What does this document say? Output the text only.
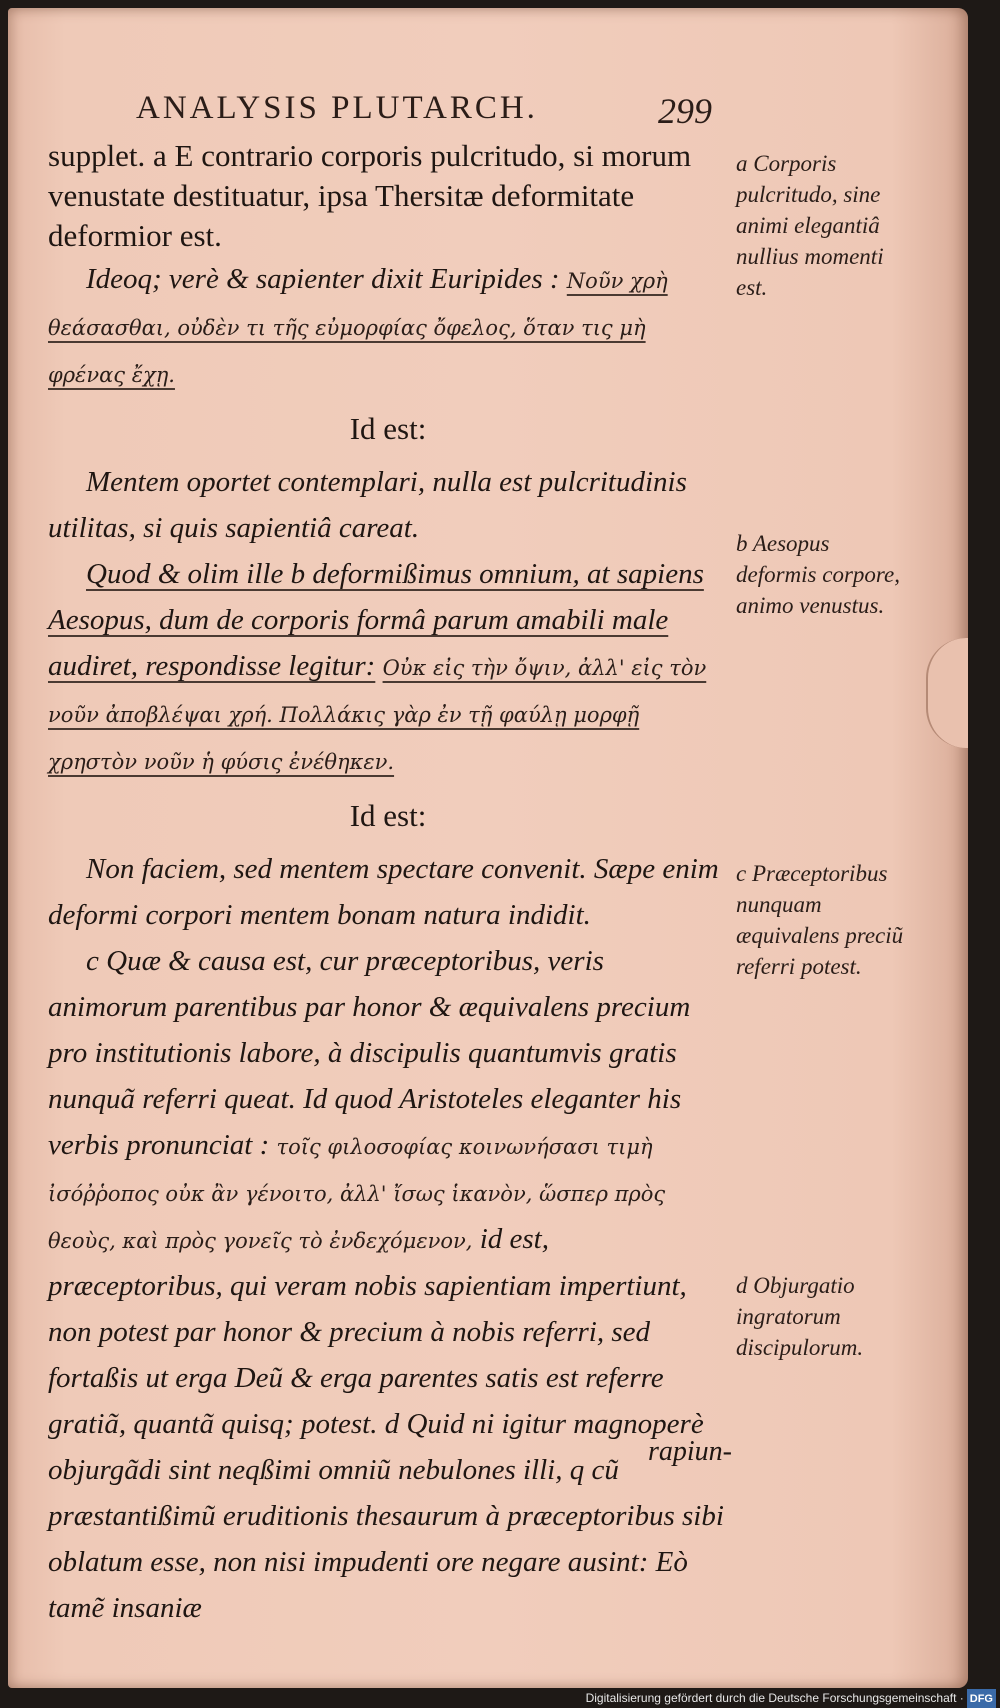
ANALYSIS PLUTARCH.	299

supplet. a E contrario corporis pulcritudo, si morum venustate destituatur, ipsa Thersitæ deformitate deformior est.

Ideoq; verè & sapienter dixit Euripides : Νοῦν χρὴ θεάσασθαι, οὐδὲν τι τῆς εὐμορφίας ὄφελος, ὅταν τις μὴ φρένας ἔχῃ.

Id est:

Mentem oportet contemplari, nulla est pulcritudinis utilitas, si quis sapientiâ careat.

Quod & olim ille b deformißimus omnium, at sapiens Aesopus, dum de corporis formâ parum amabili male audiret, respondisse legitur: Οὐκ εἰς τὴν ὄψιν, ἀλλ' εἰς τὸν νοῦν ἀποβλέψαι χρή. Πολλάκις γὰρ ἐν τῇ φαύλῃ μορφῇ χρηστὸν νοῦν ἡ φύσις ἐνέθηκεν.

Id est:

Non faciem, sed mentem spectare convenit. Sæpe enim deformi corpori mentem bonam natura indidit.

c Quæ & causa est, cur præceptoribus, veris animorum parentibus par honor & æquivalens precium pro institutionis labore, à discipulis quantumvis gratis nunquã referri queat. Id quod Aristoteles eleganter his verbis pronunciat : τοῖς φιλοσοφίας κοινωνήσασι τιμὴ ἰσόῤῥοπος οὐκ ἂν γένοιτο, ἀλλ' ἴσως ἱκανὸν, ὥσπερ πρὸς θεοὺς, καὶ πρὸς γονεῖς τὸ ἐνδεχόμενον, id est, præceptoribus, qui veram nobis sapientiam impertiunt, non potest par honor & precium à nobis referri, sed fortaßis ut erga Deũ & erga parentes satis est referre gratiã, quantã quisq; potest. d Quid ni igitur magnoperè objurgãdi sint neqßimi omniũ nebulones illi, q cũ præstantißimũ eruditionis thesaurum à præceptoribus sibi oblatum esse, non nisi impudenti ore negare ausint: Eò tamẽ insaniæ

a Corporis pulcritudo, sine animi elegantiâ nullius momenti est.
b Aesopus deformis corpore, animo venustus.
c Præceptoribus nunquam æquivalens preciũ referri potest.
d Objurgatio ingratorum discipulorum.
rapiun-
Digitalisierung gefördert durch die Deutsche Forschungsgemeinschaft · DFG
